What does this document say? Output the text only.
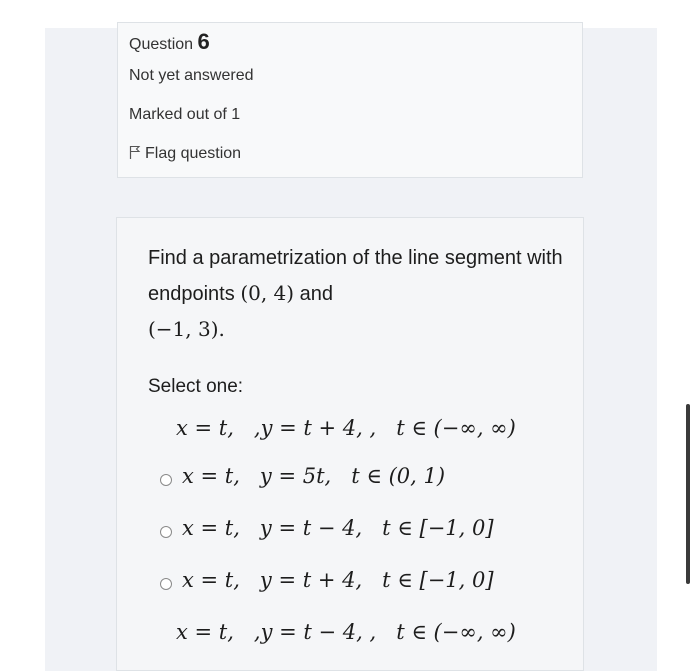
Question 6
Not yet answered
Marked out of 1
Flag question
Find a parametrization of the line segment with endpoints (0, 4) and
(−1, 3).
Select one:
x = t,   ,y = t + 4, ,   t ∈ (−∞, ∞)
x = t,   y = 5t,   t ∈ (0, 1)
x = t,   y = t − 4,   t ∈ [−1, 0]
x = t,   y = t + 4,   t ∈ [−1, 0]
x = t,   ,y = t − 4, ,   t ∈ (−∞, ∞)
